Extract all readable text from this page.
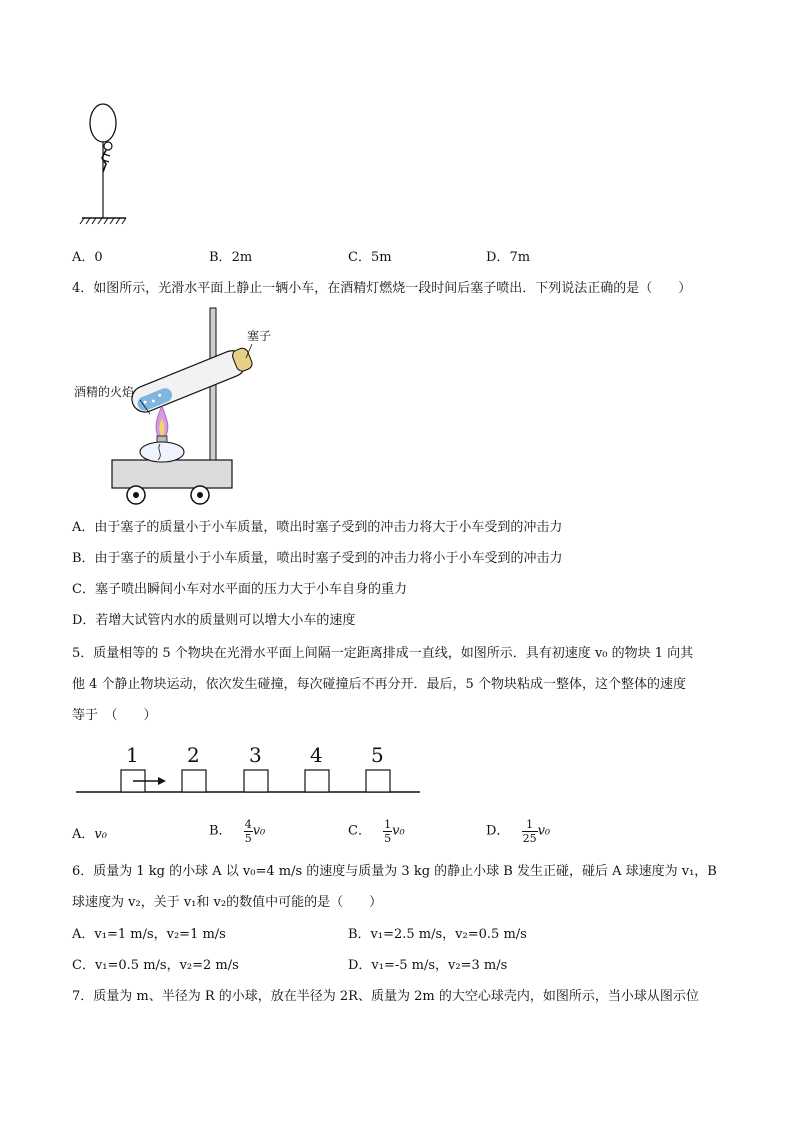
A．0	B．2m	C．5m	D．7m
4．如图所示，光滑水平面上静止一辆小车，在酒精灯燃烧一段时间后塞子喷出．下列说法正确的是（　　）
塞子
酒精的火焰
A．由于塞子的质量小于小车质量，喷出时塞子受到的冲击力将大于小车受到的冲击力
B．由于塞子的质量小于小车质量，喷出时塞子受到的冲击力将小于小车受到的冲击力
C．塞子喷出瞬间小车对水平面的压力大于小车自身的重力
D．若增大试管内水的质量则可以增大小车的速度
5．质量相等的 5 个物块在光滑水平面上间隔一定距离排成一直线，如图所示．具有初速度 v₀ 的物块 1 向其
他 4 个静止物块运动，依次发生碰撞，每次碰撞后不再分开．最后，5 个物块粘成一整体，这个整体的速度
等于　（　　）
1 2 3 4 5
A．v₀	B． $\frac{4}{5} v_0$	C． $\frac{1}{5} v_0$	D． $\frac{1}{25} v_0$
6．质量为 1 kg 的小球 A 以 v₀=4 m/s 的速度与质量为 3 kg 的静止小球 B 发生正碰，碰后 A 球速度为 v₁，B
球速度为 v₂，关于 v₁和 v₂的数值中可能的是（　　）
A．v₁=1 m/s，v₂=1 m/s	B．v₁=2.5 m/s，v₂=0.5 m/s
C．v₁=0.5 m/s，v₂=2 m/s	D．v₁=-5 m/s，v₂=3 m/s
7．质量为 m、半径为 R 的小球，放在半径为 2R、质量为 2m 的大空心球壳内，如图所示，当小球从图示位
